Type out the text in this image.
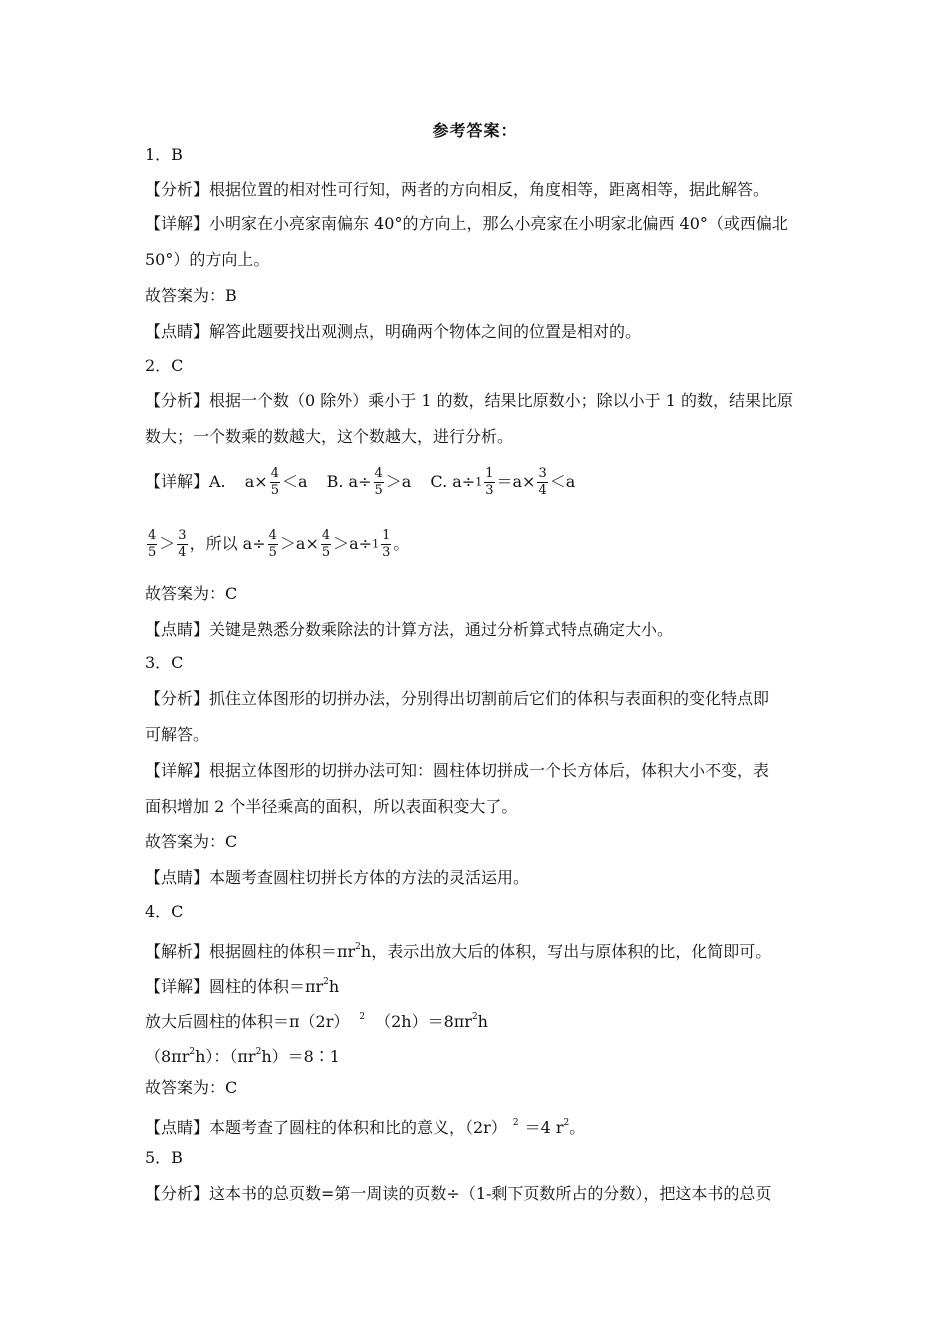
参考答案：
1．B
【分析】根据位置的相对性可行知，两者的方向相反，角度相等，距离相等，据此解答。
【详解】小明家在小亮家南偏东 40°的方向上，那么小亮家在小明家北偏西 40°（或西偏北
50°）的方向上。
故答案为：B
【点睛】解答此题要找出观测点，明确两个物体之间的位置是相对的。
2．C
【分析】根据一个数（0 除外）乘小于 1 的数，结果比原数小；除以小于 1 的数，结果比原
数大；一个数乘的数越大，这个数越大，进行分析。
【详解】A. $a\times \frac{4}{5} <a$ B. $a\div \frac{4}{5} >a$ C. $a\div 1 \frac{1}{3} =a\times \frac{3}{4} <a$
$\frac{4}{5} > \frac{3}{4}$ ，所以 $a\div \frac{4}{5} >a\times \frac{4}{5} >a\div 1 \frac{1}{3}$ 。
故答案为：C
【点睛】关键是熟悉分数乘除法的计算方法，通过分析算式特点确定大小。
3．C
【分析】抓住立体图形的切拼办法，分别得出切割前后它们的体积与表面积的变化特点即
可解答。
【详解】根据立体图形的切拼办法可知：圆柱体切拼成一个长方体后，体积大小不变，表
面积增加 2 个半径乘高的面积，所以表面积变大了。
故答案为：C
【点睛】本题考查圆柱切拼长方体的方法的灵活运用。
4．C
【解析】根据圆柱的体积$=\pi r^2h$，表示出放大后的体积，写出与原体积的比，化简即可。
【详解】圆柱的体积$=\pi r^2h$
放大后圆柱的体积＝π（2r） $^2$ $(2h)=8\pi r^2h$
$(8\pi r^2h)$：$(\pi r^2h)=8∶1$
故答案为：C
【点睛】本题考查了圆柱的体积和比的意义，（2r） $^2$ ＝4 $r^2$。
5．B
【分析】这本书的总页数=第一周读的页数÷（1-剩下页数所占的分数），把这本书的总页
